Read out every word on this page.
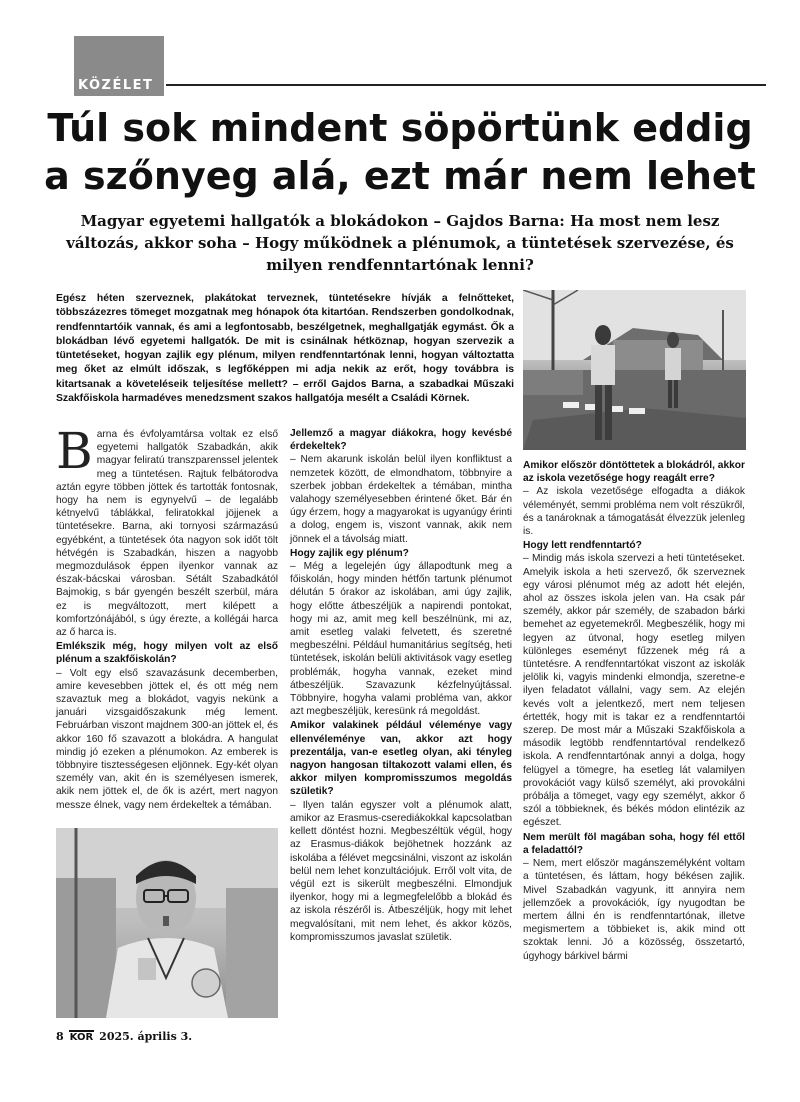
KÖZÉLET
Túl sok mindent söpörtünk eddig a szőnyeg alá, ezt már nem lehet
Magyar egyetemi hallgatók a blokádokon – Gajdos Barna: Ha most nem lesz változás, akkor soha – Hogy működnek a plénumok, a tüntetések szervezése, és milyen rendfenntartónak lenni?
Egész héten szerveznek, plakátokat terveznek, tüntetésekre hívják a felnőtteket, többszázezres tömeget mozgatnak meg hónapok óta kitartóan. Rendszerben gondolkodnak, rendfenntartóik vannak, és ami a legfontosabb, beszélgetnek, meghallgatják egymást. Ők a blokádban lévő egyetemi hallgatók. De mit is csinálnak hétköznap, hogyan szervezik a tüntetéseket, hogyan zajlik egy plénum, milyen rendfenntartónak lenni, hogyan változtatta meg őket az elmúlt időszak, s legfőképpen mi adja nekik az erőt, hogy továbbra is kitartsanak a követeléseik teljesítése mellett? – erről Gajdos Barna, a szabadkai Műszaki Szakfőiskola harmadéves menedzsment szakos hallgatója mesélt a Családi Körnek.

Barna és évfolyamtársa voltak ez első egyetemi hallgatók Szabadkán, akik magyar feliratú transzparenssel jelentek meg a tüntetésen. Rajtuk felbátorodva aztán egyre többen jöttek és tartották fontosnak, hogy ha nem is egynyelvű – de legalább kétnyelvű táblákkal, feliratokkal jöjjenek a tüntetésekre. Barna, aki tornyosi származású egyébként, a tüntetések óta nagyon sok időt tölt hétvégén is Szabadkán, hiszen a nagyobb megmozdulások éppen ilyenkor vannak az észak-bácskai városban. Sétált Szabadkától Bajmokig, s bár gyengén beszélt szerbül, mára ez is megváltozott, mert kilépett a komfortzónájából, s úgy érezte, a kollégái harca az ő harca is.

Emlékszik még, hogy milyen volt az első plénum a szakfőiskolán?

– Volt egy első szavazásunk decemberben, amire kevesebben jöttek el, és ott még nem szavaztuk meg a blokádot, vagyis nekünk a januári vizsgaidőszakunk még lement. Februárban viszont majdnem 300-an jöttek el, és akkor 160 fő szavazott a blokádra. A hangulat mindig jó ezeken a plénumokon. Az emberek is többnyire tisztességesen eljönnek. Egy-két olyan személy van, akit én is személyesen ismerek, akik nem jöttek el, de ők is azért, mert nagyon messze élnek, vagy nem érdekeltek a témában.

Jellemző a magyar diákokra, hogy kevésbé érdekeltek?

– Nem akarunk iskolán belül ilyen konfliktust a nemzetek között, de elmondhatom, többnyire a szerbek jobban érdekeltek a témában, mintha valahogy személyesebben érintené őket. Bár én úgy érzem, hogy a magyarokat is ugyanúgy érinti a dolog, engem is, viszont vannak, akik nem jönnek el a távolság miatt.

Hogy zajlik egy plénum?

– Még a legelején úgy állapodtunk meg a főiskolán, hogy minden hétfőn tartunk plénumot délután 5 órakor az iskolában, ami úgy zajlik, hogy előtte átbeszéljük a napirendi pontokat, hogy mi az, amit meg kell beszélnünk, mi az, amit esetleg valaki felvetett, és szeretné megbeszélni. Például humanitárius segítség, heti tüntetések, iskolán belüli aktivitások vagy esetleg problémák, hogyha vannak, ezeket mind átbeszéljük. Szavazunk kézfelnyújtással. Többnyire, hogyha valami probléma van, akkor azt megbeszéljük, keresünk rá megoldást.

Amikor valakinek például véleménye vagy ellenvéleménye van, akkor azt hogy prezentálja, van-e esetleg olyan, aki tényleg nagyon hangosan tiltakozott valami ellen, és akkor milyen kompromisszumos megoldás születik?

– Ilyen talán egyszer volt a plénumok alatt, amikor az Erasmus-cserediákokkal kapcsolatban kellett döntést hozni. Megbeszéltük végül, hogy az Erasmus-diákok bejöhetnek hozzánk az iskolába a félévet megcsinálni, viszont az iskolán belül nem lehet konzultációjuk. Erről volt vita, de végül ezt is sikerült megbeszélni. Elmondjuk ilyenkor, hogy mi a legmegfelelőbb a blokád és az iskola részéről is. Átbeszéljük, hogy mit lehet megvalósítani, mit nem lehet, és akkor közös, kompromisszumos javaslat születik.

Amikor először döntöttetek a blokádról, akkor az iskola vezetősége hogy reagált erre?

– Az iskola vezetősége elfogadta a diákok véleményét, semmi probléma nem volt részükről, és a tanároknak a támogatását élvezzük jelenleg is.

Hogy lett rendfenntartó?

– Mindig más iskola szervezi a heti tüntetéseket. Amelyik iskola a heti szervező, ők szerveznek egy városi plénumot még az adott hét elején, ahol az összes iskola jelen van. Ha csak pár személy, akkor pár személy, de szabadon bárki bemehet az egyetemekről. Megbeszélik, hogy mi legyen az útvonal, hogy esetleg milyen különleges eseményt fűzzenek még rá a tüntetésre. A rendfenntartókat viszont az iskolák jelölik ki, vagyis mindenki elmondja, szeretne-e ilyen feladatot vállalni, vagy sem. Az elején kevés volt a jelentkező, mert nem teljesen értették, hogy mit is takar ez a rendfenntartói szerep. De most már a Műszaki Szakfőiskola a második legtöbb rendfenntartóval rendelkező iskola. A rendfenntartónak annyi a dolga, hogy felügyel a tömegre, ha esetleg lát valamilyen provokációt vagy külső személyt, aki provokálni próbálja a tömeget, vagy egy személyt, akkor ő szól a többieknek, és békés módon elintézik az egészet.

Nem merült föl magában soha, hogy fél ettől a feladattól?

– Nem, mert először magánszemélyként voltam a tüntetésen, és láttam, hogy békésen zajlik. Mivel Szabadkán vagyunk, itt annyira nem jellemzőek a provokációk, így nyugodtan be mertem állni én is rendfenntartónak, illetve megismertem a többieket is, akik mind ott szoktak lenni. Jó a közösség, összetartó, úgyhogy bárkivel bármi

8 KÖR 2025. április 3.
